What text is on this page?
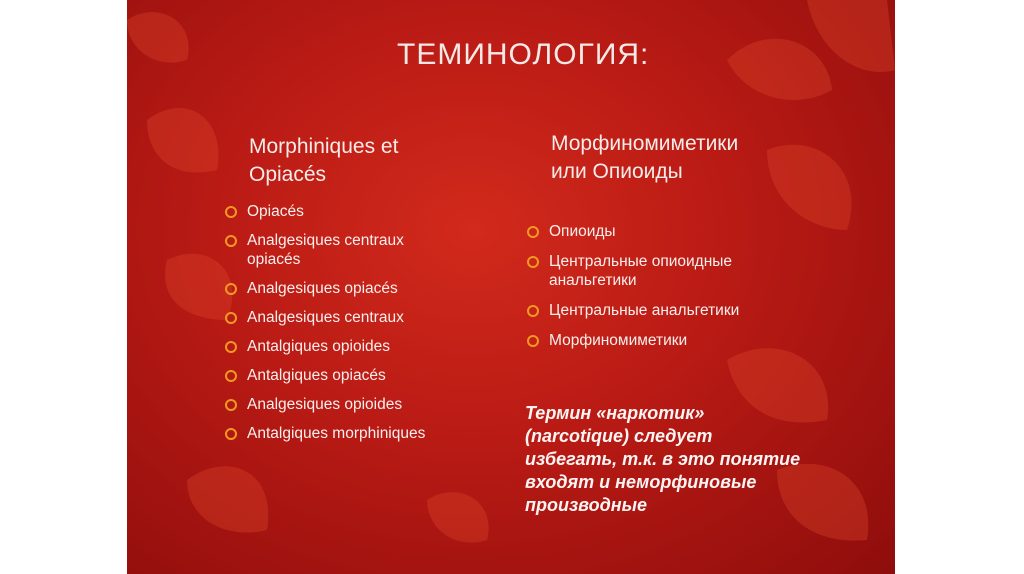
ТЕМИНОЛОГИЯ:
Morphiniques et
Opiacés
Морфиномиметики
или Опиоиды
Opiacés
Analgesiques centraux
opiacés
Analgesiques opiacés
Analgesiques centraux
Antalgiques opioides
Antalgiques opiacés
Analgesiques opioides
Antalgiques morphiniques
Опиоиды
Центральные опиоидные
анальгетики
Центральные анальгетики
Морфиномиметики
Термин «наркотик»
(narcotique) следует
избегать, т.к. в это понятие
входят и неморфиновые
производные
